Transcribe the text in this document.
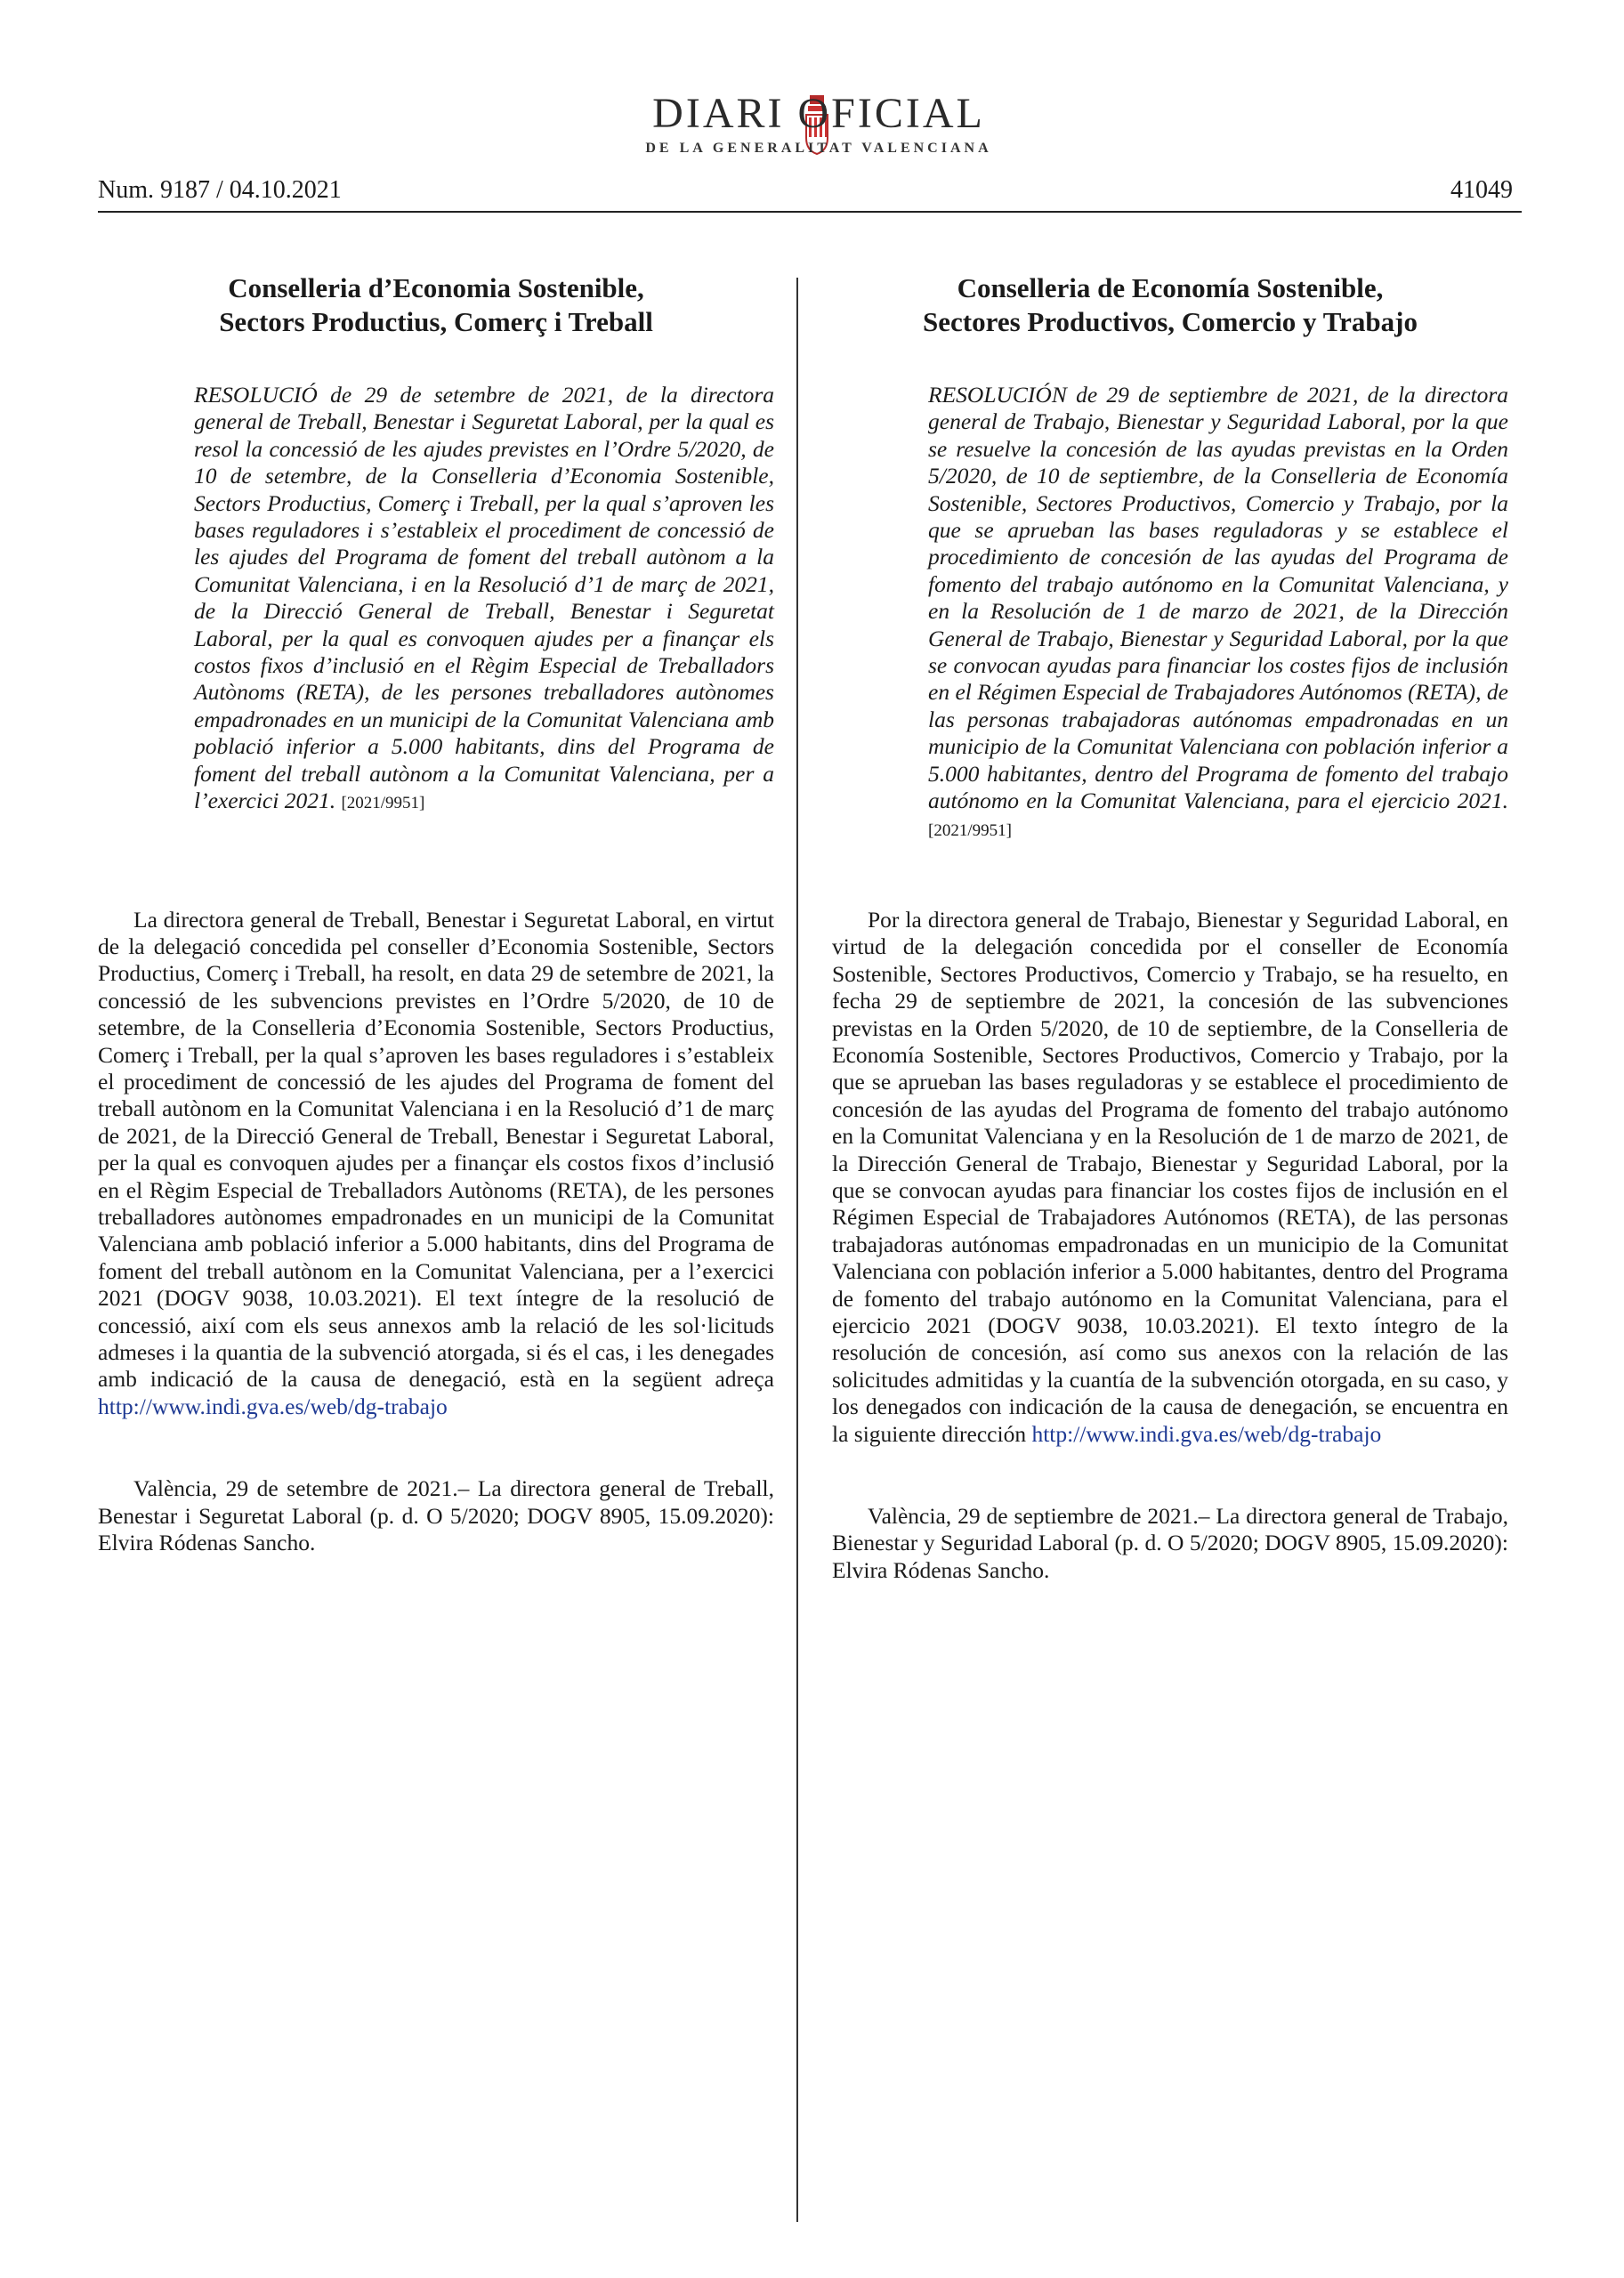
Num. 9187 / 04.10.2021
DIARI OFICIAL
DE LA GENERALITAT VALENCIANA
41049

Conselleria d’Economia Sostenible,
Sectors Productius, Comerç i Treball

RESOLUCIÓ de 29 de setembre de 2021, de la directora general de Treball, Benestar i Seguretat Laboral, per la qual es resol la concessió de les ajudes previstes en l’Ordre 5/2020, de 10 de setembre, de la Conselleria d’Economia Sostenible, Sectors Productius, Comerç i Treball, per la qual s’aproven les bases reguladores i s’estableix el procediment de concessió de les ajudes del Programa de foment del treball autònom a la Comunitat Valenciana, i en la Resolució d’1 de març de 2021, de la Direcció General de Treball, Benestar i Seguretat Laboral, per la qual es convoquen ajudes per a finançar els costos fixos d’inclusió en el Règim Especial de Treballadors Autònoms (RETA), de les persones treballadores autònomes empadronades en un municipi de la Comunitat Valenciana amb població inferior a 5.000 habitants, dins del Programa de foment del treball autònom a la Comunitat Valenciana, per a l’exercici 2021. [2021/9951]

La directora general de Treball, Benestar i Seguretat Laboral, en virtut de la delegació concedida pel conseller d’Economia Sostenible, Sectors Productius, Comerç i Treball, ha resolt, en data 29 de setembre de 2021, la concessió de les subvencions previstes en l’Ordre 5/2020, de 10 de setembre, de la Conselleria d’Economia Sostenible, Sectors Productius, Comerç i Treball, per la qual s’aproven les bases reguladores i s’estableix el procediment de concessió de les ajudes del Programa de foment del treball autònom en la Comunitat Valenciana i en la Resolució d’1 de març de 2021, de la Direcció General de Treball, Benestar i Seguretat Laboral, per la qual es convoquen ajudes per a finançar els costos fixos d’inclusió en el Règim Especial de Treballadors Autònoms (RETA), de les persones treballadores autònomes empadronades en un municipi de la Comunitat Valenciana amb població inferior a 5.000 habitants, dins del Programa de foment del treball autònom en la Comunitat Valenciana, per a l’exercici 2021 (DOGV 9038, 10.03.2021). El text íntegre de la resolució de concessió, així com els seus annexos amb la relació de les sol·licituds admeses i la quantia de la subvenció atorgada, si és el cas, i les denegades amb indicació de la causa de denegació, està en la següent adreça http://www.indi.gva.es/web/dg-trabajo

València, 29 de setembre de 2021.– La directora general de Treball, Benestar i Seguretat Laboral (p. d. O 5/2020; DOGV 8905, 15.09.2020): Elvira Ródenas Sancho.

Conselleria de Economía Sostenible,
Sectores Productivos, Comercio y Trabajo

RESOLUCIÓN de 29 de septiembre de 2021, de la directora general de Trabajo, Bienestar y Seguridad Laboral, por la que se resuelve la concesión de las ayudas previstas en la Orden 5/2020, de 10 de septiembre, de la Conselleria de Economía Sostenible, Sectores Productivos, Comercio y Trabajo, por la que se aprueban las bases reguladoras y se establece el procedimiento de concesión de las ayudas del Programa de fomento del trabajo autónomo en la Comunitat Valenciana, y en la Resolución de 1 de marzo de 2021, de la Dirección General de Trabajo, Bienestar y Seguridad Laboral, por la que se convocan ayudas para financiar los costes fijos de inclusión en el Régimen Especial de Trabajadores Autónomos (RETA), de las personas trabajadoras autónomas empadronadas en un municipio de la Comunitat Valenciana con población inferior a 5.000 habitantes, dentro del Programa de fomento del trabajo autónomo en la Comunitat Valenciana, para el ejercicio 2021. [2021/9951]

Por la directora general de Trabajo, Bienestar y Seguridad Laboral, en virtud de la delegación concedida por el conseller de Economía Sostenible, Sectores Productivos, Comercio y Trabajo, se ha resuelto, en fecha 29 de septiembre de 2021, la concesión de las subvenciones previstas en la Orden 5/2020, de 10 de septiembre, de la Conselleria de Economía Sostenible, Sectores Productivos, Comercio y Trabajo, por la que se aprueban las bases reguladoras y se establece el procedimiento de concesión de las ayudas del Programa de fomento del trabajo autónomo en la Comunitat Valenciana y en la Resolución de 1 de marzo de 2021, de la Dirección General de Trabajo, Bienestar y Seguridad Laboral, por la que se convocan ayudas para financiar los costes fijos de inclusión en el Régimen Especial de Trabajadores Autónomos (RETA), de las personas trabajadoras autónomas empadronadas en un municipio de la Comunitat Valenciana con población inferior a 5.000 habitantes, dentro del Programa de fomento del trabajo autónomo en la Comunitat Valenciana, para el ejercicio 2021 (DOGV 9038, 10.03.2021). El texto íntegro de la resolución de concesión, así como sus anexos con la relación de las solicitudes admitidas y la cuantía de la subvención otorgada, en su caso, y los denegados con indicación de la causa de denegación, se encuentra en la siguiente dirección http://www.indi.gva.es/web/dg-trabajo

València, 29 de septiembre de 2021.– La directora general de Trabajo, Bienestar y Seguridad Laboral (p. d. O 5/2020; DOGV 8905, 15.09.2020): Elvira Ródenas Sancho.
